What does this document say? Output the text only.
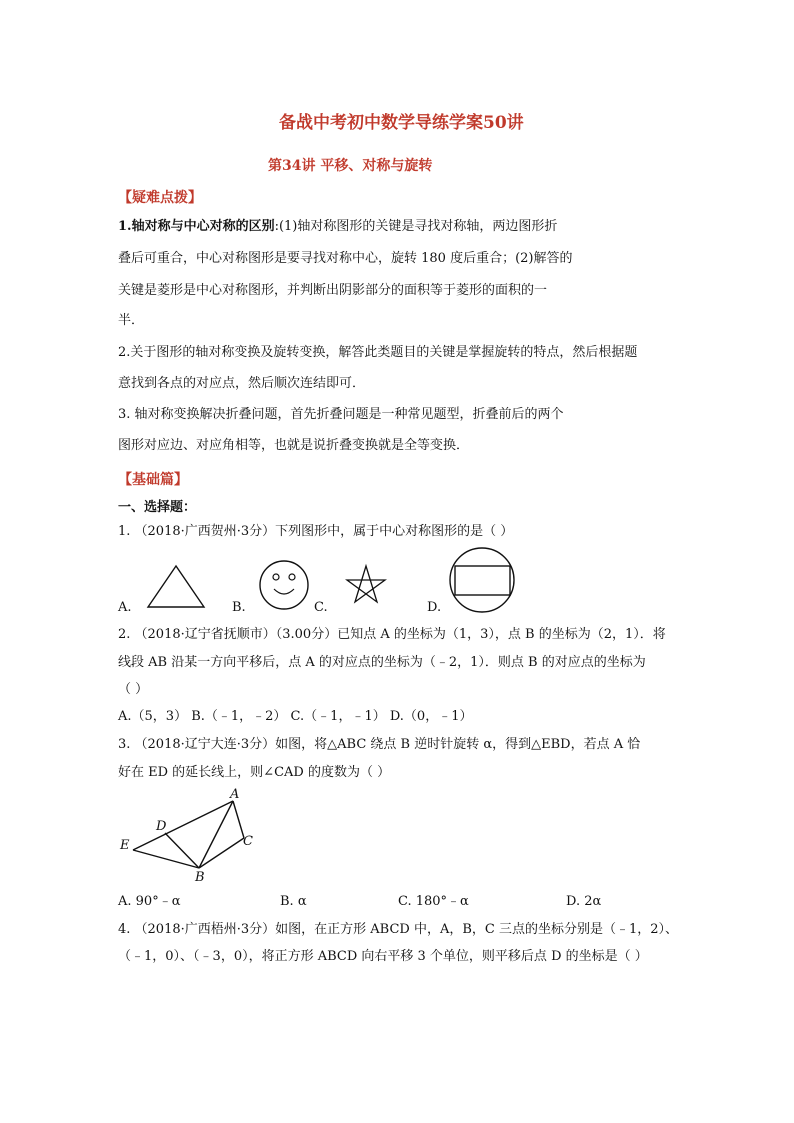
备战中考初中数学导练学案50讲
第34讲 平移、对称与旋转
【疑难点拨】
1.轴对称与中心对称的区别:(1)轴对称图形的关键是寻找对称轴，两边图形折
叠后可重合，中心对称图形是要寻找对称中心，旋转 180 度后重合；(2)解答的
关键是菱形是中心对称图形，并判断出阴影部分的面积等于菱形的面积的一
半．
2.关于图形的轴对称变换及旋转变换，解答此类题目的关键是掌握旋转的特点，然后根据题
意找到各点的对应点，然后顺次连结即可．
3. 轴对称变换解决折叠问题，首先折叠问题是一种常见题型，折叠前后的两个
图形对应边、对应角相等，也就是说折叠变换就是全等变换．
【基础篇】
一、选择题：
1. （2018·广西贺州·3分）下列图形中，属于中心对称图形的是（ ）
A.	B.	C.	D.
2. （2018·辽宁省抚顺市）（3.00分）已知点 A 的坐标为（1，3），点 B 的坐标为（2，1）．将
线段 AB 沿某一方向平移后，点 A 的对应点的坐标为（﹣2，1）．则点 B 的对应点的坐标为
（ ）
A.（5，3） B.（﹣1，﹣2） C.（﹣1，﹣1） D.（0，﹣1）
3. （2018·辽宁大连·3分）如图，将△ABC 绕点 B 逆时针旋转 α，得到△EBD，若点 A 恰
好在 ED 的延长线上，则∠CAD 的度数为（ ）
A
B
C
D
E
A. 90°﹣α	B. α	C. 180°﹣α	D. 2α
4. （2018·广西梧州·3分）如图，在正方形 ABCD 中，A，B，C 三点的坐标分别是（﹣1，2）、
（﹣1，0）、（﹣3，0），将正方形 ABCD 向右平移 3 个单位，则平移后点 D 的坐标是（ ）
